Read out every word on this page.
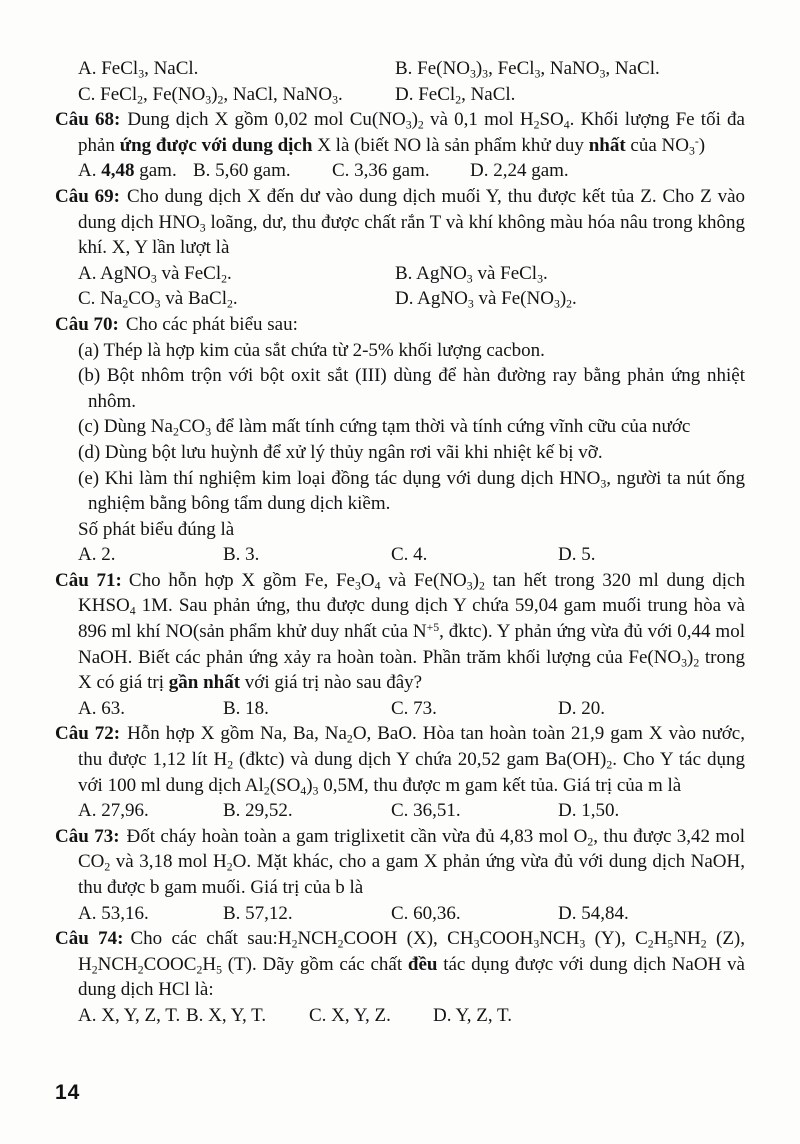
A. FeCl$_3$, NaCl.	B. $Fe(NO_3)_3$, FeCl$_3$, NaNO$_3$, NaCl.
C. FeCl$_2$, $Fe(NO_3)_2$, NaCl, NaNO$_3$.	D. FeCl$_2$, NaCl.

Câu 68: Dung dịch X gồm 0,02 mol $Cu(NO_3)_2$ và 0,1 mol $H_2SO_4$. Khối lượng Fe tối đa phản ứng được với dung dịch X là (biết NO là sản phẩm khử duy nhất của $NO_3^-$)

A. 4,48 gam. B. 5,60 gam.	C. 3,36 gam.	D. 2,24 gam.

Câu 69: Cho dung dịch X đến dư vào dung dịch muối Y, thu được kết tủa Z. Cho Z vào dung dịch $HNO_3$ loãng, dư, thu được chất rắn T và khí không màu hóa nâu trong không khí. X, Y lần lượt là

A. AgNO$_3$ và FeCl$_2$.	B. AgNO$_3$ và FeCl$_3$.
C. $Na_2CO_3$ và BaCl$_2$.	D. AgNO$_3$ và $Fe(NO_3)_2$.

Câu 70: Cho các phát biểu sau:

(a) Thép là hợp kim của sắt chứa từ 2-5% khối lượng cacbon.

(b) Bột nhôm trộn với bột oxit sắt (III) dùng để hàn đường ray bằng phản ứng nhiệt nhôm.

(c) Dùng $Na_2CO_3$ để làm mất tính cứng tạm thời và tính cứng vĩnh cữu của nước

(d) Dùng bột lưu huỳnh để xử lý thủy ngân rơi vãi khi nhiệt kế bị vỡ.

(e) Khi làm thí nghiệm kim loại đồng tác dụng với dung dịch $HNO_3$, người ta nút ống nghiệm bằng bông tẩm dung dịch kiềm.

Số phát biểu đúng là

A. 2.	B. 3.	C. 4.	D. 5.

Câu 71: Cho hỗn hợp X gồm Fe, $Fe_3O_4$ và $Fe(NO_3)_2$ tan hết trong 320 ml dung dịch $KHSO_4$ 1M. Sau phản ứng, thu được dung dịch Y chứa 59,04 gam muối trung hòa và 896 ml khí NO(sản phẩm khử duy nhất của $N^{+5}$, đktc). Y phản ứng vừa đủ với 0,44 mol NaOH. Biết các phản ứng xảy ra hoàn toàn. Phần trăm khối lượng của $Fe(NO_3)_2$ trong X có giá trị gần nhất với giá trị nào sau đây?

A. 63.	B. 18.	C. 73.	D. 20.

Câu 72: Hỗn hợp X gồm Na, Ba, $Na_2O$, BaO. Hòa tan hoàn toàn 21,9 gam X vào nước, thu được 1,12 lít $H_2$ (đktc) và dung dịch Y chứa 20,52 gam $Ba(OH)_2$. Cho Y tác dụng với 100 ml dung dịch $Al_2(SO_4)_3$ 0,5M, thu được m gam kết tủa. Giá trị của m là

A. 27,96.	B. 29,52.	C. 36,51.	D. 1,50.

Câu 73: Đốt cháy hoàn toàn a gam triglixetit cần vừa đủ 4,83 mol $O_2$, thu được 3,42 mol $CO_2$ và 3,18 mol $H_2O$. Mặt khác, cho a gam X phản ứng vừa đủ với dung dịch NaOH, thu được b gam muối. Giá trị của b là

A. 53,16.	B. 57,12.	C. 60,36.	D. 54,84.

Câu 74: Cho các chất $sau:H_2NCH_2COOH$ (X), $CH_3COOH_3NCH_3$ (Y), $C_2H_5NH_2$ (Z), $H_2NCH_2COOC_2H_5$ (T). Dãy gồm các chất đều tác dụng được với dung dịch NaOH và dung dịch HCl là:

A. X, Y, Z, T. B. X, Y, T.	C. X, Y, Z.	D. Y, Z, T.
14
